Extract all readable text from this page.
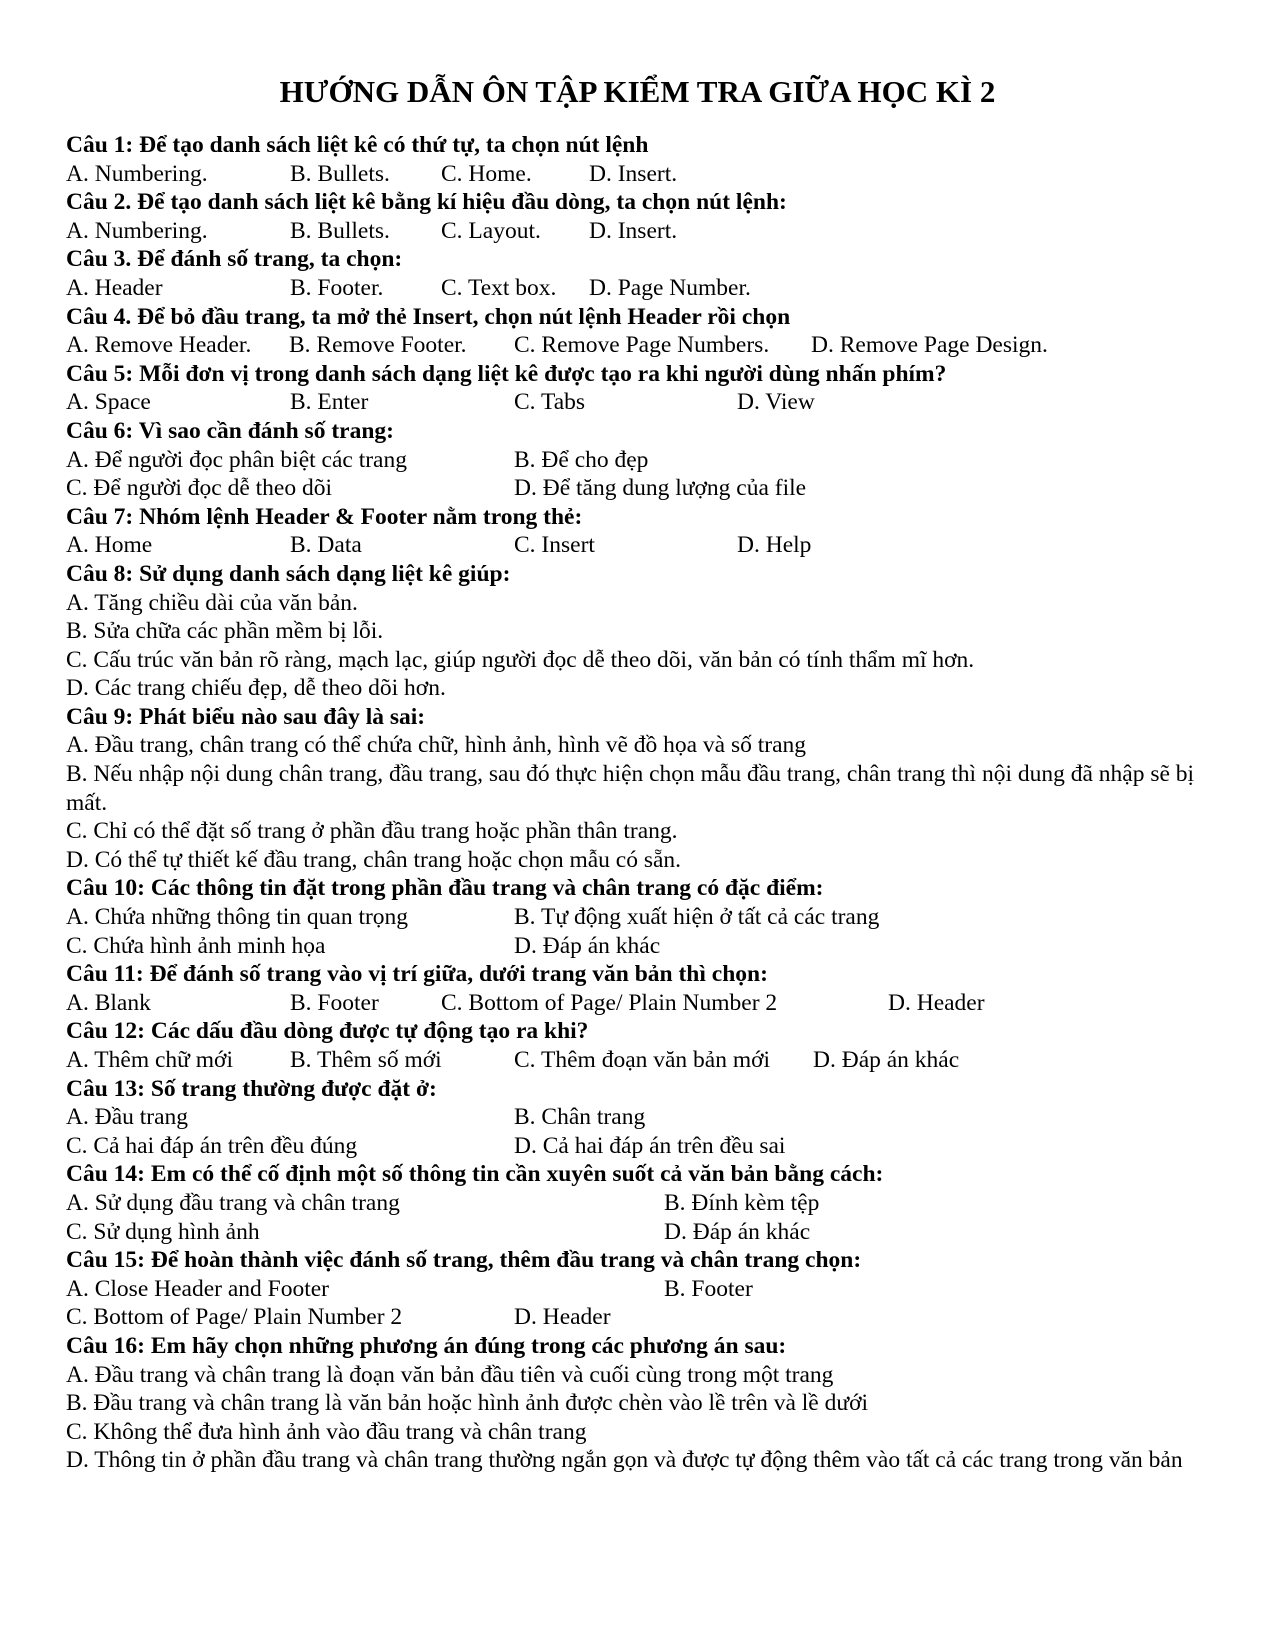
HƯỚNG DẪN ÔN TẬP KIỂM TRA GIỮA HỌC KÌ 2
Câu 1: Để tạo danh sách liệt kê có thứ tự, ta chọn nút lệnh
A. Numbering.	B. Bullets. C. Home. D. Insert.
Câu 2. Để tạo danh sách liệt kê bằng kí hiệu đầu dòng, ta chọn nút lệnh:
A. Numbering.	B. Bullets. C. Layout. D. Insert.
Câu 3. Để đánh số trang, ta chọn:
A. Header	B. Footer. C. Text box. D. Page Number.
Câu 4. Để bỏ đầu trang, ta mở thẻ Insert, chọn nút lệnh Header rồi chọn
A. Remove Header. B. Remove Footer. C. Remove Page Numbers. D. Remove Page Design.
Câu 5: Mỗi đơn vị trong danh sách dạng liệt kê được tạo ra khi người dùng nhấn phím?
A. Space	B. Enter	C. Tabs	D. View
Câu 6: Vì sao cần đánh số trang:
A. Để người đọc phân biệt các trang	B. Để cho đẹp
C. Để người đọc dễ theo dõi	D. Để tăng dung lượng của file
Câu 7: Nhóm lệnh Header & Footer nằm trong thẻ:
A. Home	B. Data	C. Insert	D. Help
Câu 8: Sử dụng danh sách dạng liệt kê giúp:
A. Tăng chiều dài của văn bản.
B. Sửa chữa các phần mềm bị lỗi.
C. Cấu trúc văn bản rõ ràng, mạch lạc, giúp người đọc dễ theo dõi, văn bản có tính thẩm mĩ hơn.
D. Các trang chiếu đẹp, dễ theo dõi hơn.
Câu 9: Phát biểu nào sau đây là sai:
A. Đầu trang, chân trang có thể chứa chữ, hình ảnh, hình vẽ đồ họa và số trang
B. Nếu nhập nội dung chân trang, đầu trang, sau đó thực hiện chọn mẫu đầu trang, chân trang thì nội dung đã nhập sẽ bị mất.
C. Chỉ có thể đặt số trang ở phần đầu trang hoặc phần thân trang.
D. Có thể tự thiết kế đầu trang, chân trang hoặc chọn mẫu có sẵn.
Câu 10: Các thông tin đặt trong phần đầu trang và chân trang có đặc điểm:
A. Chứa những thông tin quan trọng	B. Tự động xuất hiện ở tất cả các trang
C. Chứa hình ảnh minh họa	D. Đáp án khác
Câu 11: Để đánh số trang vào vị trí giữa, dưới trang văn bản thì chọn:
A. Blank	B. Footer	C. Bottom of Page/ Plain Number 2	D. Header
Câu 12: Các dấu đầu dòng được tự động tạo ra khi?
A. Thêm chữ mới B. Thêm số mới	C. Thêm đoạn văn bản mới D. Đáp án khác
Câu 13: Số trang thường được đặt ở:
A. Đầu trang	B. Chân trang
C. Cả hai đáp án trên đều đúng	D. Cả hai đáp án trên đều sai
Câu 14: Em có thể cố định một số thông tin cần xuyên suốt cả văn bản bằng cách:
A. Sử dụng đầu trang và chân trang	B. Đính kèm tệp
C. Sử dụng hình ảnh	D. Đáp án khác
Câu 15: Để hoàn thành việc đánh số trang, thêm đầu trang và chân trang chọn:
A. Close Header and Footer	B. Footer
C. Bottom of Page/ Plain Number 2	D. Header
Câu 16: Em hãy chọn những phương án đúng trong các phương án sau:
A. Đầu trang và chân trang là đoạn văn bản đầu tiên và cuối cùng trong một trang
B. Đầu trang và chân trang là văn bản hoặc hình ảnh được chèn vào lề trên và lề dưới
C. Không thể đưa hình ảnh vào đầu trang và chân trang
D. Thông tin ở phần đầu trang và chân trang thường ngắn gọn và được tự động thêm vào tất cả các trang trong văn bản
